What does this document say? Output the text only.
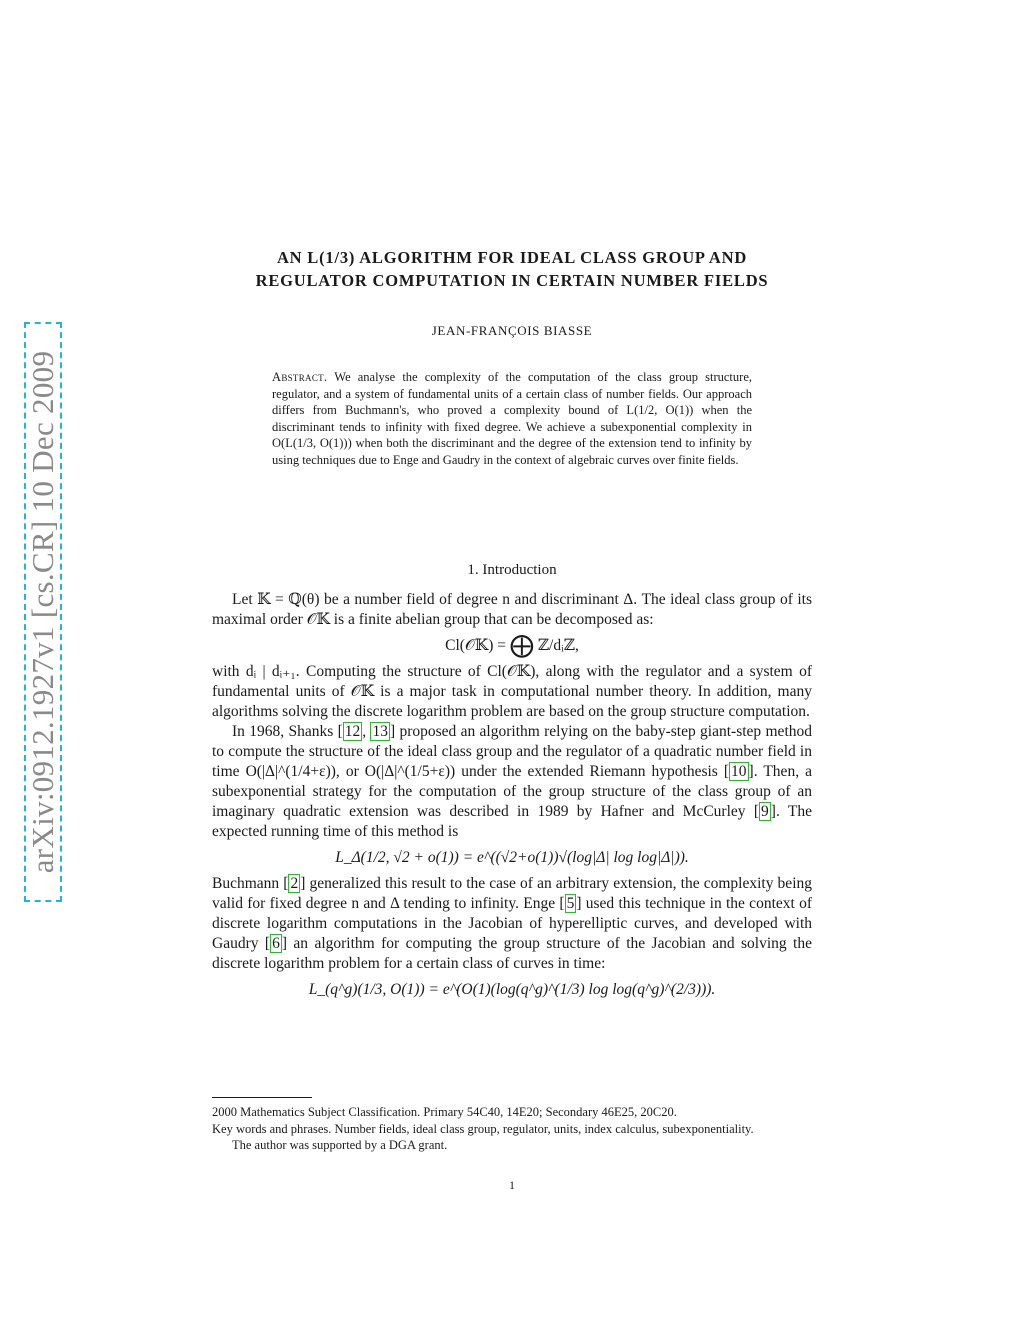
arXiv:0912.1927v1 [cs.CR] 10 Dec 2009
AN L(1/3) ALGORITHM FOR IDEAL CLASS GROUP AND
REGULATOR COMPUTATION IN CERTAIN NUMBER FIELDS
JEAN-FRANÇOIS BIASSE
Abstract. We analyse the complexity of the computation of the class group structure, regulator, and a system of fundamental units of a certain class of number fields. Our approach differs from Buchmann's, who proved a complexity bound of L(1/2, O(1)) when the discriminant tends to infinity with fixed degree. We achieve a subexponential complexity in O(L(1/3, O(1))) when both the discriminant and the degree of the extension tend to infinity by using techniques due to Enge and Gaudry in the context of algebraic curves over finite fields.
1. Introduction

Let 𝕂 = ℚ(θ) be a number field of degree n and discriminant Δ. The ideal class group of its maximal order 𝒪𝕂 is a finite abelian group that can be decomposed as:

Cl(𝒪𝕂) = ⨁ ℤ/dᵢℤ,

with dᵢ | dᵢ₊₁. Computing the structure of Cl(𝒪𝕂), along with the regulator and a system of fundamental units of 𝒪𝕂 is a major task in computational number theory. In addition, many algorithms solving the discrete logarithm problem are based on the group structure computation.

In 1968, Shanks [ 12 , 13 ] proposed an algorithm relying on the baby-step giant-step method to compute the structure of the ideal class group and the regulator of a quadratic number field in time O(|Δ|^(1/4+ε)), or O(|Δ|^(1/5+ε)) under the extended Riemann hypothesis [ 10 ]. Then, a subexponential strategy for the computation of the group structure of the class group of an imaginary quadratic extension was described in 1989 by Hafner and McCurley [ 9 ]. The expected running time of this method is

L_Δ(1/2, √2 + o(1)) = e^((√2+o(1))√(log|Δ| log log|Δ|)).

Buchmann [ 2 ] generalized this result to the case of an arbitrary extension, the complexity being valid for fixed degree n and Δ tending to infinity. Enge [ 5 ] used this technique in the context of discrete logarithm computations in the Jacobian of hyperelliptic curves, and developed with Gaudry [ 6 ] an algorithm for computing the group structure of the Jacobian and solving the discrete logarithm problem for a certain class of curves in time:

L_(q^g)(1/3, O(1)) = e^(O(1)(log(q^g)^(1/3) log log(q^g)^(2/3))).

2000 Mathematics Subject Classification. Primary 54C40, 14E20; Secondary 46E25, 20C20.

Key words and phrases. Number fields, ideal class group, regulator, units, index calculus, subexponentiality.

The author was supported by a DGA grant.

1
